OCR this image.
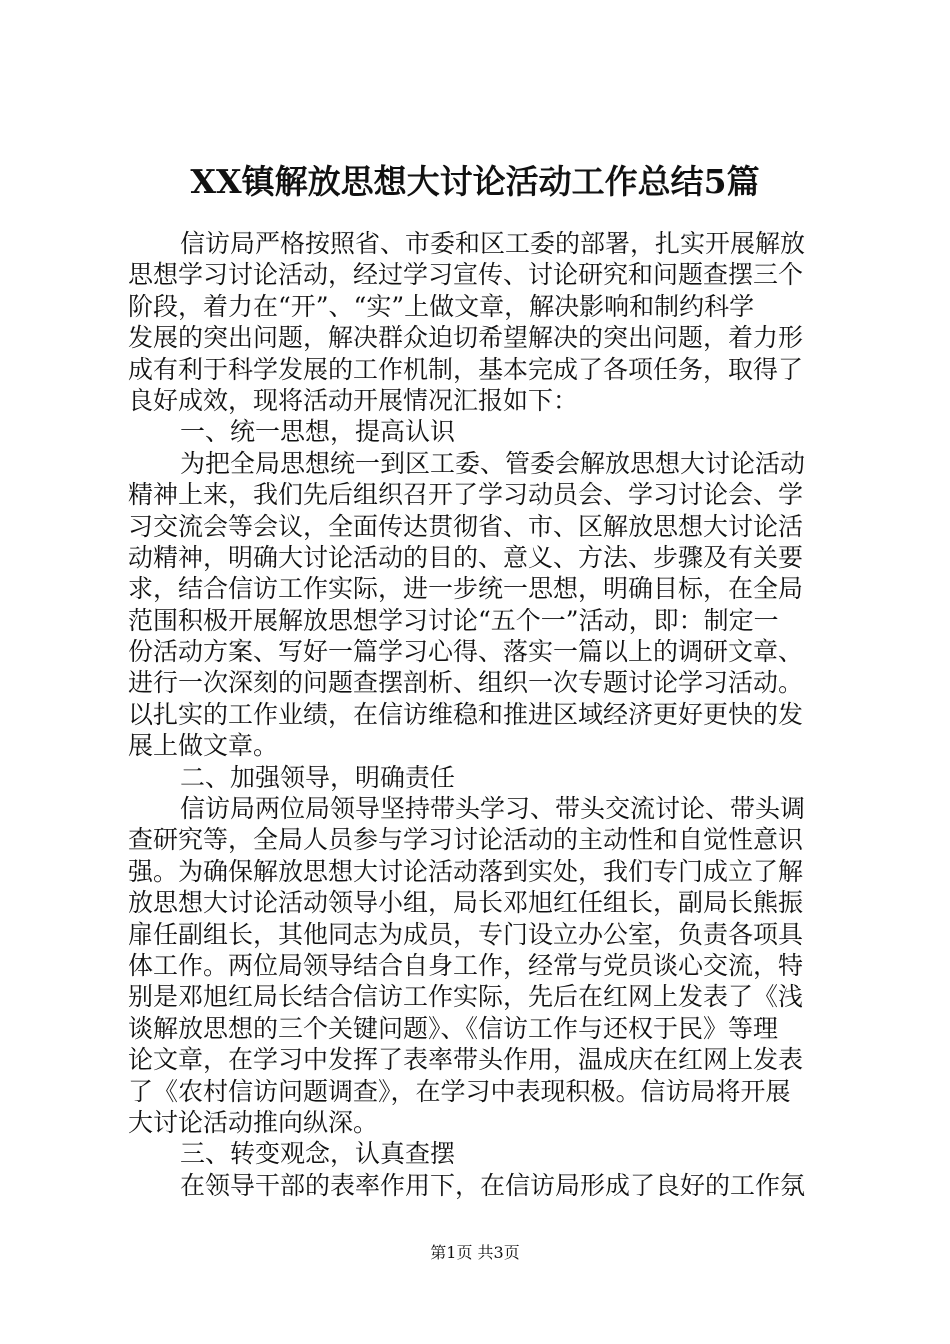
XX镇解放思想大讨论活动工作总结5篇
信访局严格按照省、市委和区工委的部署，扎实开展解放
思想学习讨论活动，经过学习宣传、讨论研究和问题查摆三个
阶段，着力在“开”、“实”上做文章，解决影响和制约科学
发展的突出问题，解决群众迫切希望解决的突出问题，着力形
成有利于科学发展的工作机制，基本完成了各项任务，取得了
良好成效，现将活动开展情况汇报如下：
一、统一思想，提高认识
为把全局思想统一到区工委、管委会解放思想大讨论活动
精神上来，我们先后组织召开了学习动员会、学习讨论会、学
习交流会等会议，全面传达贯彻省、市、区解放思想大讨论活
动精神，明确大讨论活动的目的、意义、方法、步骤及有关要
求，结合信访工作实际，进一步统一思想，明确目标，在全局
范围积极开展解放思想学习讨论“五个一”活动，即：制定一
份活动方案、写好一篇学习心得、落实一篇以上的调研文章、
进行一次深刻的问题查摆剖析、组织一次专题讨论学习活动。
以扎实的工作业绩，在信访维稳和推进区域经济更好更快的发
展上做文章。
二、加强领导，明确责任
信访局两位局领导坚持带头学习、带头交流讨论、带头调
查研究等，全局人员参与学习讨论活动的主动性和自觉性意识
强。为确保解放思想大讨论活动落到实处，我们专门成立了解
放思想大讨论活动领导小组，局长邓旭红任组长，副局长熊振
扉任副组长，其他同志为成员，专门设立办公室，负责各项具
体工作。两位局领导结合自身工作，经常与党员谈心交流，特
别是邓旭红局长结合信访工作实际，先后在红网上发表了《浅
谈解放思想的三个关键问题》、《信访工作与还权于民》等理
论文章，在学习中发挥了表率带头作用，温成庆在红网上发表
了《农村信访问题调查》，在学习中表现积极。信访局将开展
大讨论活动推向纵深。
三、转变观念，认真查摆
在领导干部的表率作用下，在信访局形成了良好的工作氛
第1页 共3页
